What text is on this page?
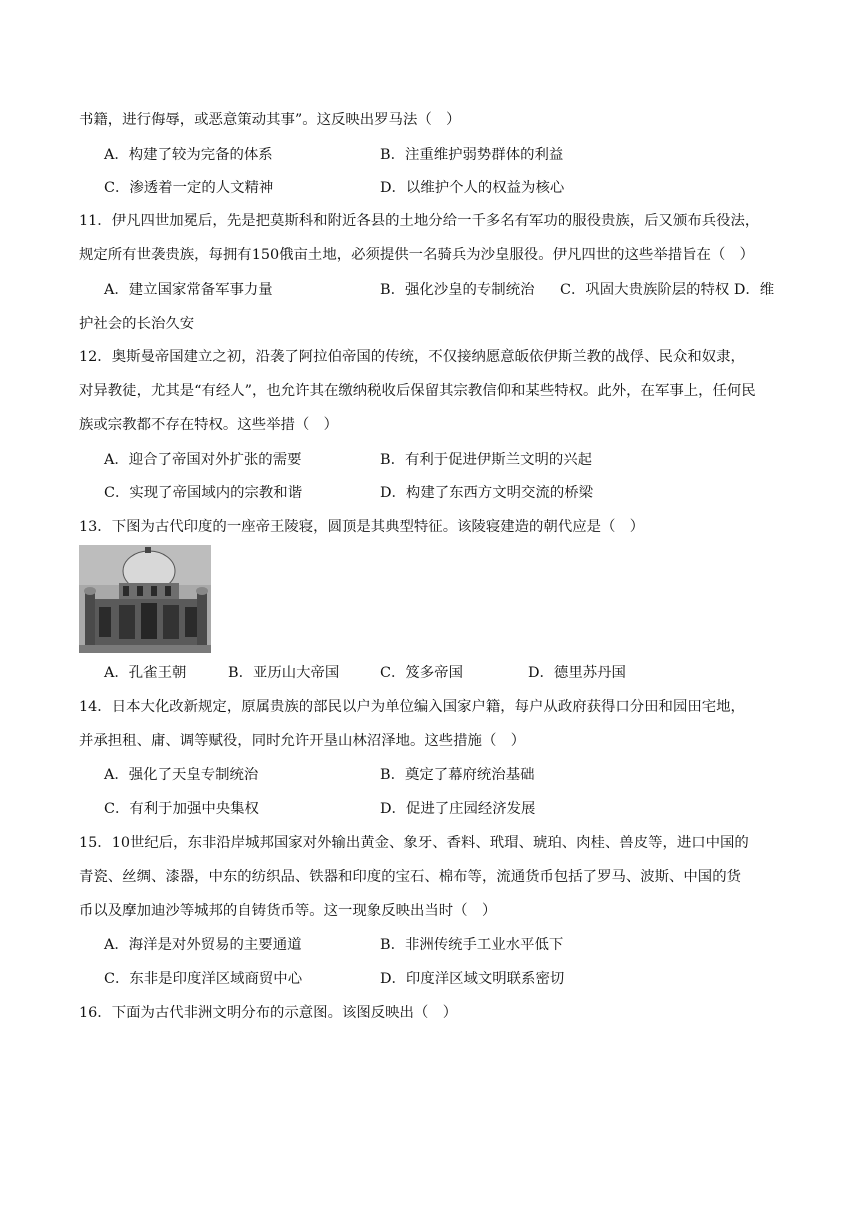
书籍，进行侮辱，或恶意策动其事”。这反映出罗马法（　）
A．构建了较为完备的体系	B．注重维护弱势群体的利益
C．渗透着一定的人文精神	D．以维护个人的权益为核心
11．伊凡四世加冕后，先是把莫斯科和附近各县的土地分给一千多名有军功的服役贵族，后又颁布兵役法，
规定所有世袭贵族，每拥有150俄亩土地，必须提供一名骑兵为沙皇服役。伊凡四世的这些举措旨在（　）
A．建立国家常备军事力量	B．强化沙皇的专制统治 C．巩固大贵族阶层的特权 D．维
护社会的长治久安
12．奥斯曼帝国建立之初，沿袭了阿拉伯帝国的传统，不仅接纳愿意皈依伊斯兰教的战俘、民众和奴隶，
对异教徒，尤其是“有经人”，也允许其在缴纳税收后保留其宗教信仰和某些特权。此外，在军事上，任何民
族或宗教都不存在特权。这些举措（　）
A．迎合了帝国对外扩张的需要	B．有利于促进伊斯兰文明的兴起
C．实现了帝国域内的宗教和谐	D．构建了东西方文明交流的桥梁
13．下图为古代印度的一座帝王陵寝，圆顶是其典型特征。该陵寝建造的朝代应是（　）
A．孔雀王朝	B．亚历山大帝国	C．笈多帝国	D．德里苏丹国
14．日本大化改新规定，原属贵族的部民以户为单位编入国家户籍，每户从政府获得口分田和园田宅地，
并承担租、庸、调等赋役，同时允许开垦山林沼泽地。这些措施（　）
A．强化了天皇专制统治	B．奠定了幕府统治基础
C．有利于加强中央集权	D．促进了庄园经济发展
15．10世纪后，东非沿岸城邦国家对外输出黄金、象牙、香料、玳瑁、琥珀、肉桂、兽皮等，进口中国的
青瓷、丝绸、漆器，中东的纺织品、铁器和印度的宝石、棉布等，流通货币包括了罗马、波斯、中国的货
币以及摩加迪沙等城邦的自铸货币等。这一现象反映出当时（　）
A．海洋是对外贸易的主要通道	B．非洲传统手工业水平低下
C．东非是印度洋区域商贸中心	D．印度洋区域文明联系密切
16．下面为古代非洲文明分布的示意图。该图反映出（　）
